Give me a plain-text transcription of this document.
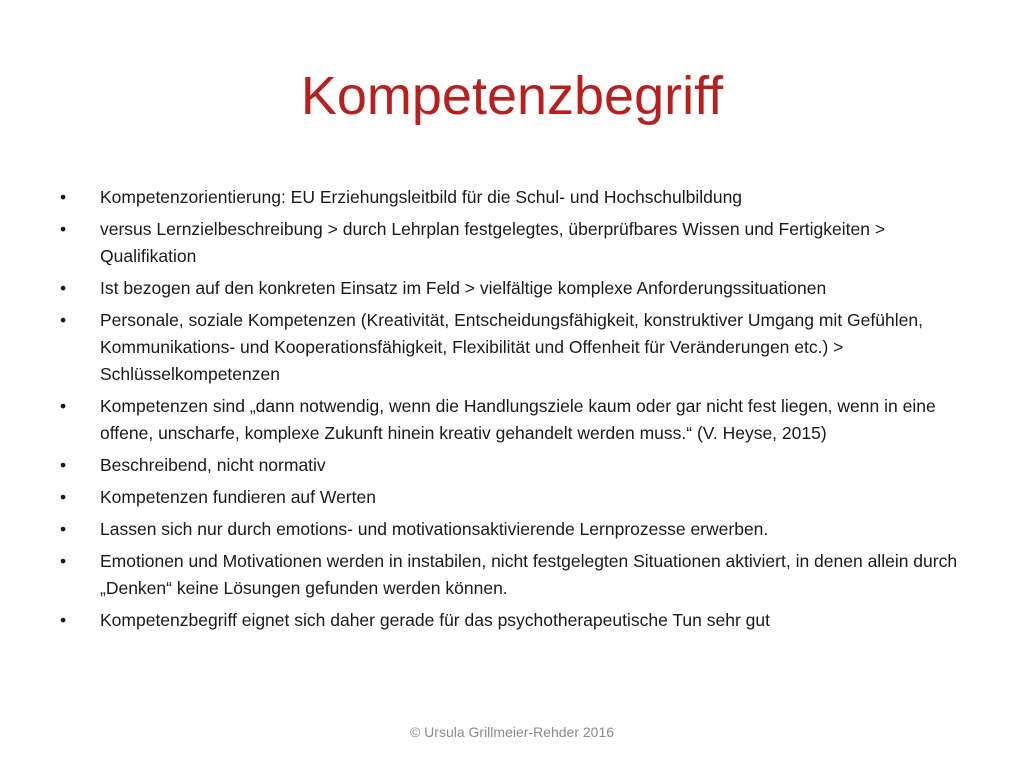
Kompetenzbegriff
•	Kompetenzorientierung: EU Erziehungsleitbild für die Schul- und Hochschulbildung
•	versus Lernzielbeschreibung > durch Lehrplan festgelegtes, überprüfbares Wissen und Fertigkeiten > Qualifikation
•	Ist bezogen auf den konkreten Einsatz im Feld > vielfältige komplexe Anforderungssituationen
•	Personale, soziale Kompetenzen (Kreativität, Entscheidungsfähigkeit, konstruktiver Umgang mit Gefühlen, Kommunikations- und Kooperationsfähigkeit, Flexibilität und Offenheit für Veränderungen etc.) > Schlüsselkompetenzen
•	Kompetenzen sind „dann notwendig, wenn die Handlungsziele kaum oder gar nicht fest liegen, wenn in eine offene, unscharfe, komplexe Zukunft hinein kreativ gehandelt werden muss.“ (V. Heyse, 2015)
•	Beschreibend, nicht normativ
•	Kompetenzen fundieren auf Werten
•	Lassen sich nur durch emotions- und motivationsaktivierende Lernprozesse erwerben.
•	Emotionen und Motivationen werden in instabilen, nicht festgelegten Situationen aktiviert, in denen allein durch „Denken“ keine Lösungen gefunden werden können.
•	Kompetenzbegriff eignet sich daher gerade für das psychotherapeutische Tun sehr gut
© Ursula Grillmeier-Rehder 2016
